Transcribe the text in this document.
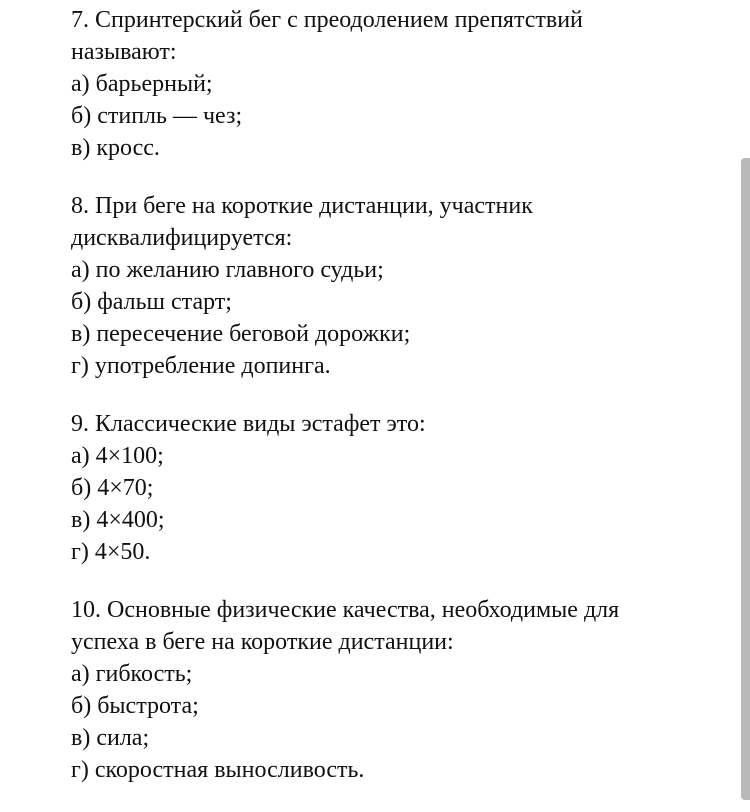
7. Спринтерский бег с преодолением препятствий

называют:

а) барьерный;

б) стипль — чез;

в) кросс.

8. При беге на короткие дистанции, участник

дисквалифицируется:

а) по желанию главного судьи;

б) фальш старт;

в) пересечение беговой дорожки;

г) употребление допинга.

9. Классические виды эстафет это:

а) 4×100;

б) 4×70;

в) 4×400;

г) 4×50.

10. Основные физические качества, необходимые для

успеха в беге на короткие дистанции:

а) гибкость;

б) быстрота;

в) сила;

г) скоростная выносливость.
